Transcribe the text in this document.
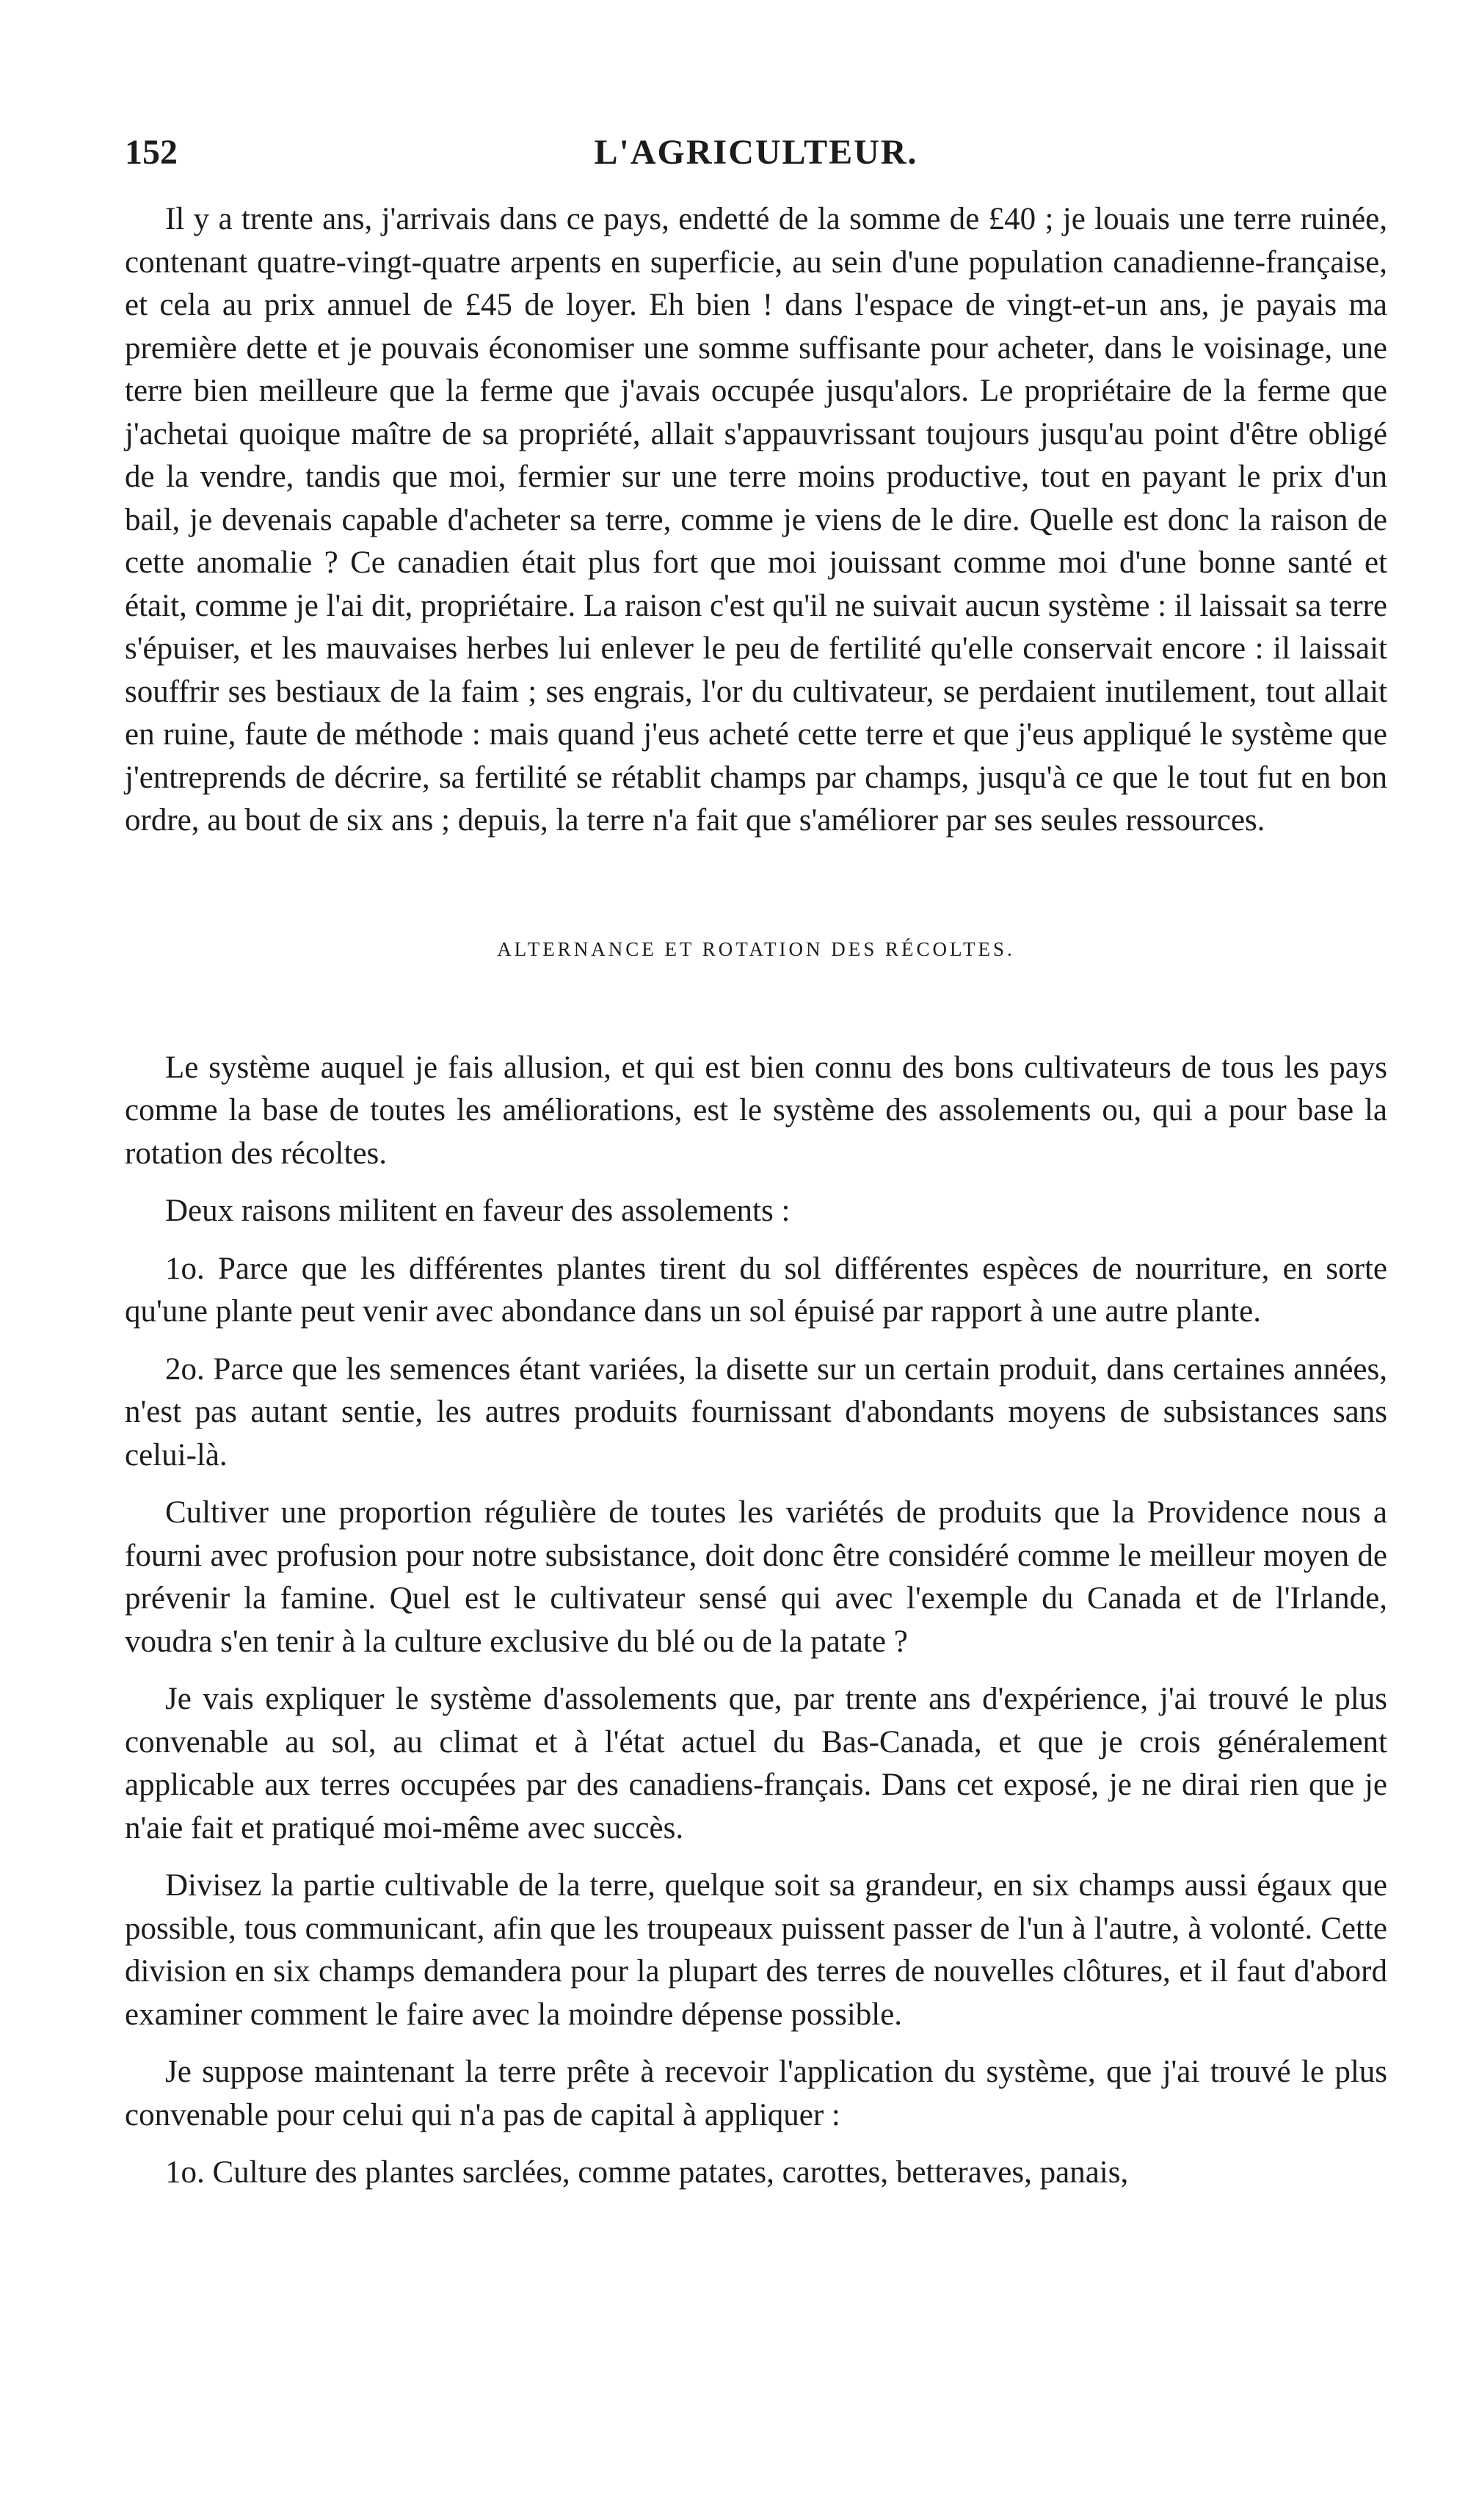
152	L'AGRICULTEUR.

Il y a trente ans, j'arrivais dans ce pays, endetté de la somme de £40 ; je louais une terre ruinée, contenant quatre-vingt-quatre arpents en superficie, au sein d'une population canadienne-française, et cela au prix annuel de £45 de loyer. Eh bien ! dans l'espace de vingt-et-un ans, je payais ma première dette et je pouvais économiser une somme suffisante pour acheter, dans le voisinage, une terre bien meilleure que la ferme que j'avais occupée jusqu'alors. Le propriétaire de la ferme que j'achetai quoique maître de sa propriété, allait s'appauvrissant toujours jusqu'au point d'être obligé de la vendre, tandis que moi, fermier sur une terre moins productive, tout en payant le prix d'un bail, je devenais capable d'acheter sa terre, comme je viens de le dire. Quelle est donc la raison de cette anomalie ? Ce canadien était plus fort que moi jouissant comme moi d'une bonne santé et était, comme je l'ai dit, propriétaire. La raison c'est qu'il ne suivait aucun système : il laissait sa terre s'épuiser, et les mauvaises herbes lui enlever le peu de fertilité qu'elle conservait encore : il laissait souffrir ses bestiaux de la faim ; ses engrais, l'or du cultivateur, se perdaient inutilement, tout allait en ruine, faute de méthode : mais quand j'eus acheté cette terre et que j'eus appliqué le système que j'entreprends de décrire, sa fertilité se rétablit champs par champs, jusqu'à ce que le tout fut en bon ordre, au bout de six ans ; depuis, la terre n'a fait que s'améliorer par ses seules ressources.

ALTERNANCE ET ROTATION DES RÉCOLTES.

Le système auquel je fais allusion, et qui est bien connu des bons cultivateurs de tous les pays comme la base de toutes les améliorations, est le système des assolements ou, qui a pour base la rotation des récoltes.

Deux raisons militent en faveur des assolements :

1o. Parce que les différentes plantes tirent du sol différentes espèces de nourriture, en sorte qu'une plante peut venir avec abondance dans un sol épuisé par rapport à une autre plante.

2o. Parce que les semences étant variées, la disette sur un certain produit, dans certaines années, n'est pas autant sentie, les autres produits fournissant d'abondants moyens de subsistances sans celui-là.

Cultiver une proportion régulière de toutes les variétés de produits que la Providence nous a fourni avec profusion pour notre subsistance, doit donc être considéré comme le meilleur moyen de prévenir la famine. Quel est le cultivateur sensé qui avec l'exemple du Canada et de l'Irlande, voudra s'en tenir à la culture exclusive du blé ou de la patate ?

Je vais expliquer le système d'assolements que, par trente ans d'expérience, j'ai trouvé le plus convenable au sol, au climat et à l'état actuel du Bas-Canada, et que je crois généralement applicable aux terres occupées par des canadiens-français. Dans cet exposé, je ne dirai rien que je n'aie fait et pratiqué moi-même avec succès.

Divisez la partie cultivable de la terre, quelque soit sa grandeur, en six champs aussi égaux que possible, tous communicant, afin que les troupeaux puissent passer de l'un à l'autre, à volonté. Cette division en six champs demandera pour la plupart des terres de nouvelles clôtures, et il faut d'abord examiner comment le faire avec la moindre dépense possible.

Je suppose maintenant la terre prête à recevoir l'application du système, que j'ai trouvé le plus convenable pour celui qui n'a pas de capital à appliquer :

1o. Culture des plantes sarclées, comme patates, carottes, betteraves, panais,
